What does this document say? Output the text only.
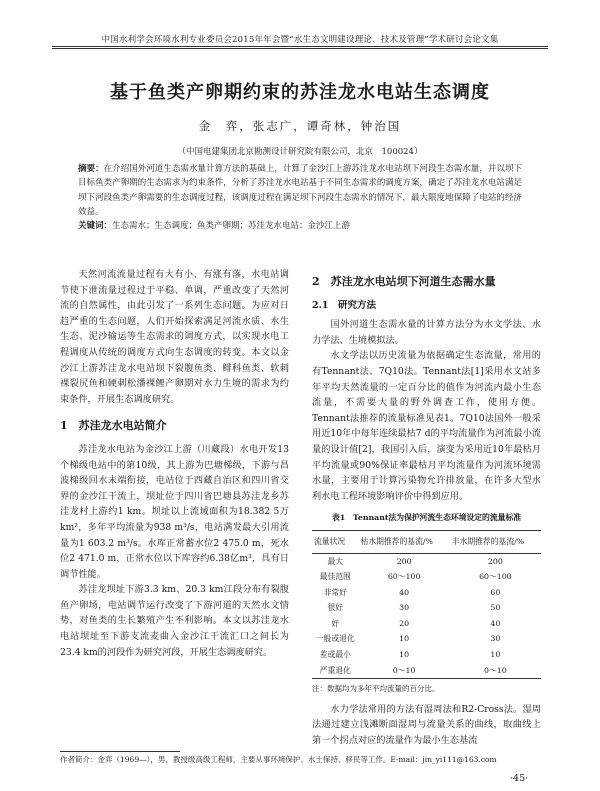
中国水利学会环境水利专业委员会2015年年会暨“水生态文明建设理论、技术及管理”学术研讨会论文集
基于鱼类产卵期约束的苏洼龙水电站生态调度
金　弈，张志广，谭奇林，钟治国
（中国电建集团北京勘测设计研究院有限公司，北京　100024）
摘要：在介绍国外河道生态需水量计算方法的基础上，计算了金沙江上游苏洼龙水电站坝下河段生态需水量，并以坝下目标鱼类产卵期的生态需求为约束条件，分析了苏洼龙水电站基于不同生态需求的调度方案，确定了苏洼龙水电站满足坝下河段鱼类产卵需要的生态调度过程，该调度过程在满足坝下河段生态需水的情况下，最大限度地保障了电站的经济效益。
关键词：生态需水；生态调度；鱼类产卵期；苏洼龙水电站；金沙江上游

天然河流流量过程有大有小、有涨有落，水电站调节使下泄流量过程过于平稳、单调，严重改变了天然河流的自然属性，由此引发了一系列生态问题。为应对日趋严重的生态问题，人们开始探索满足河流水质、水生生态、泥沙输运等生态需求的调度方式，以实现水电工程调度从传统的调度方式向生态调度的转变。本文以金沙江上游苏洼龙水电站坝下裂腹鱼类、鲱科鱼类、软刺裸裂尻鱼和硬刺松潘裸鲤产卵期对水力生境的需求为约束条件，开展生态调度研究。

1　苏洼龙水电站简介

苏洼龙水电站为金沙江上游（川藏段）水电开发13个梯级电站中的第10级，其上游为巴塘梯级，下游与昌波梯级回水末端衔接，电站位于西藏自治区和四川省交界的金沙江干流上，坝址位于四川省巴塘县苏洼龙乡苏洼龙村上游约1 km。坝址以上流域面积为18.382 5万km²，多年平均流量为938 m³/s，电站满发最大引用流量为1 603.2 m³/s。水库正常蓄水位2 475.0 m，死水位2 471.0 m，正常水位以下库容约6.38亿m³，具有日调节性能。

苏洼龙坝址下游3.3 km、20.3 km江段分布有裂腹鱼产卵场，电站调节运行改变了下游河道的天然水文情势，对鱼类的生长繁殖产生不利影响。本文以苏洼龙水电站坝址至下游支流麦曲入金沙江干流汇口之间长为23.4 km的河段作为研究河段，开展生态调度研究。

2　苏洼龙水电站坝下河道生态需水量
2.1　研究方法

国外河道生态需水量的计算方法分为水文学法、水力学法、生境模拟法。

水文学法以历史流量为依据确定生态流量，常用的有Tennant法、7Q10法。Tennant法[1]采用水文站多年平均天然流量的一定百分比的值作为河流内最小生态流量，不需要大量的野外调查工作，使用方便。Tennant法推荐的流量标准见表1。7Q10法国外一般采用近10年中每年连续最枯7 d的平均流量作为河流最小流量的设计值[2]，我国引入后，演变为采用近10年最枯月平均流量或90%保证率最枯月平均流量作为河流环境需水量，主要用于计算污染物允许排放量，在许多大型水利水电工程环境影响评价中得到应用。

表1　Tennant法为保护河流生态环境设定的流量标准
流量状况	枯水期推荐的基流/%	丰水期推荐的基流/%
最大	200	200
最佳范围	60～100	60～100
非常好	40	60
很好	30	50
好	20	40
一般或退化	10	30
差或最小	10	10
严重退化	0～10	0～10
注：数据均为多年平均流量的百分比。

水力学法常用的方法有湿周法和R2-Cross法。湿周法通过建立浅滩断面湿周与流量关系的曲线，取曲线上第一个拐点对应的流量作为最小生态基流

作者简介：金弈（1969—），男，教授级高级工程师，主要从事环境保护、水土保持、移民等工作。E-mail：jin_yi111@163.com
·45·
